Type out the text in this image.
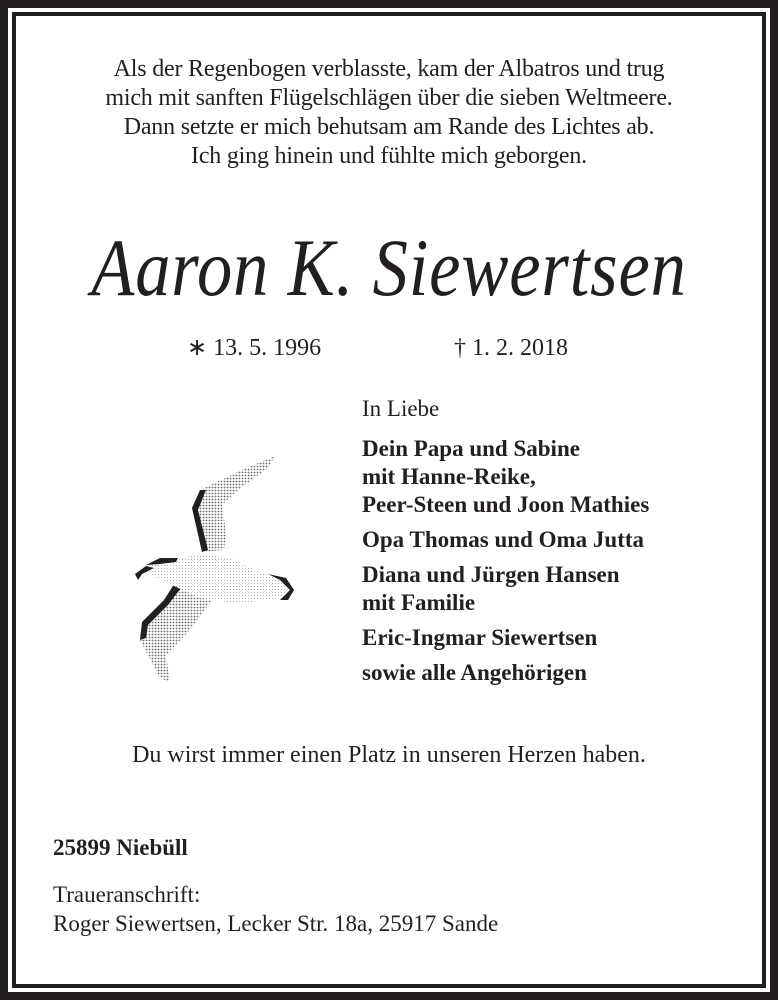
Als der Regenbogen verblasste, kam der Albatros und trug
mich mit sanften Flügelschlägen über die sieben Weltmeere.
Dann setzte er mich behutsam am Rande des Lichtes ab.
Ich ging hinein und fühlte mich geborgen.
Aaron K. Siewertsen
∗ 13. 5. 1996	† 1. 2. 2018
In Liebe
Dein Papa und Sabine
mit Hanne-Reike,
Peer-Steen und Joon Mathies
Opa Thomas und Oma Jutta
Diana und Jürgen Hansen
mit Familie
Eric-Ingmar Siewertsen
sowie alle Angehörigen
Du wirst immer einen Platz in unseren Herzen haben.
25899 Niebüll
Traueranschrift:
Roger Siewertsen, Lecker Str. 18a, 25917 Sande
